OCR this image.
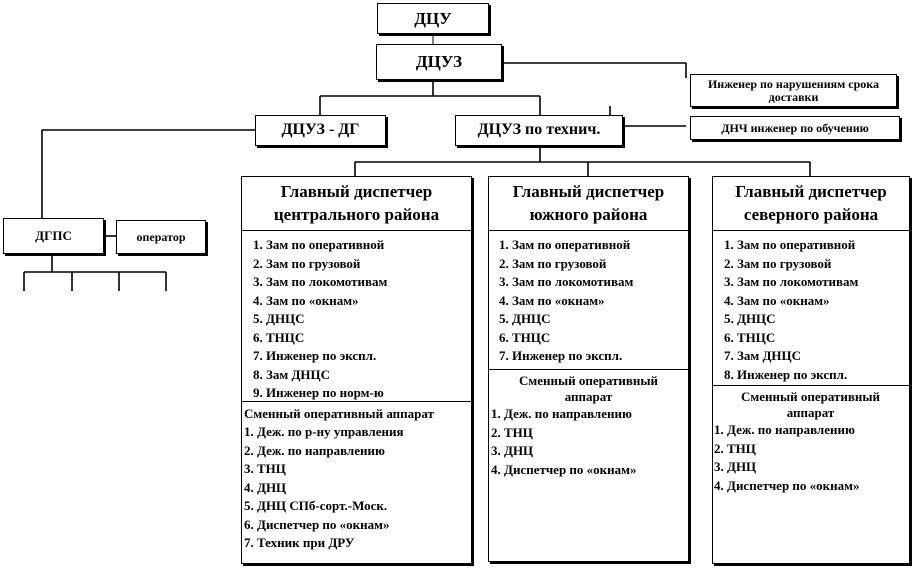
ДЦУ
ДЦУЗ
Инженер по нарушениям срока доставки
ДНЧ инженер по обучению
ДЦУЗ - ДГ	ДЦУЗ по технич.
ДГПС	оператор
Главный диспетчер центрального района
1. Зам по оперативной
2. Зам по грузовой
3. Зам по локомотивам
4. Зам по «окнам»
5. ДНЦС
6. ТНЦС
7. Инженер по экспл.
8. Зам ДНЦС
9. Инженер по норм-ю
Сменный оперативный аппарат
1. Деж. по р-ну управления
2. Деж. по направлению
3. ТНЦ
4. ДНЦ
5. ДНЦ СПб-сорт.-Моск.
6. Диспетчер по «окнам»
7. Техник при ДРУ
Главный диспетчер южного района
1. Зам по оперативной
2. Зам по грузовой
3. Зам по локомотивам
4. Зам по «окнам»
5. ДНЦС
6. ТНЦС
7. Инженер по экспл.
Сменный оперативный аппарат
1. Деж. по направлению
2. ТНЦ
3. ДНЦ
4. Диспетчер по «окнам»
Главный диспетчер северного района
1. Зам по оперативной
2. Зам по грузовой
3. Зам по локомотивам
4. Зам по «окнам»
5. ДНЦС
6. ТНЦС
7. Зам ДНЦС
8. Инженер по экспл.
Сменный оперативный аппарат
1. Деж. по направлению
2. ТНЦ
3. ДНЦ
4. Диспетчер по «окнам»
